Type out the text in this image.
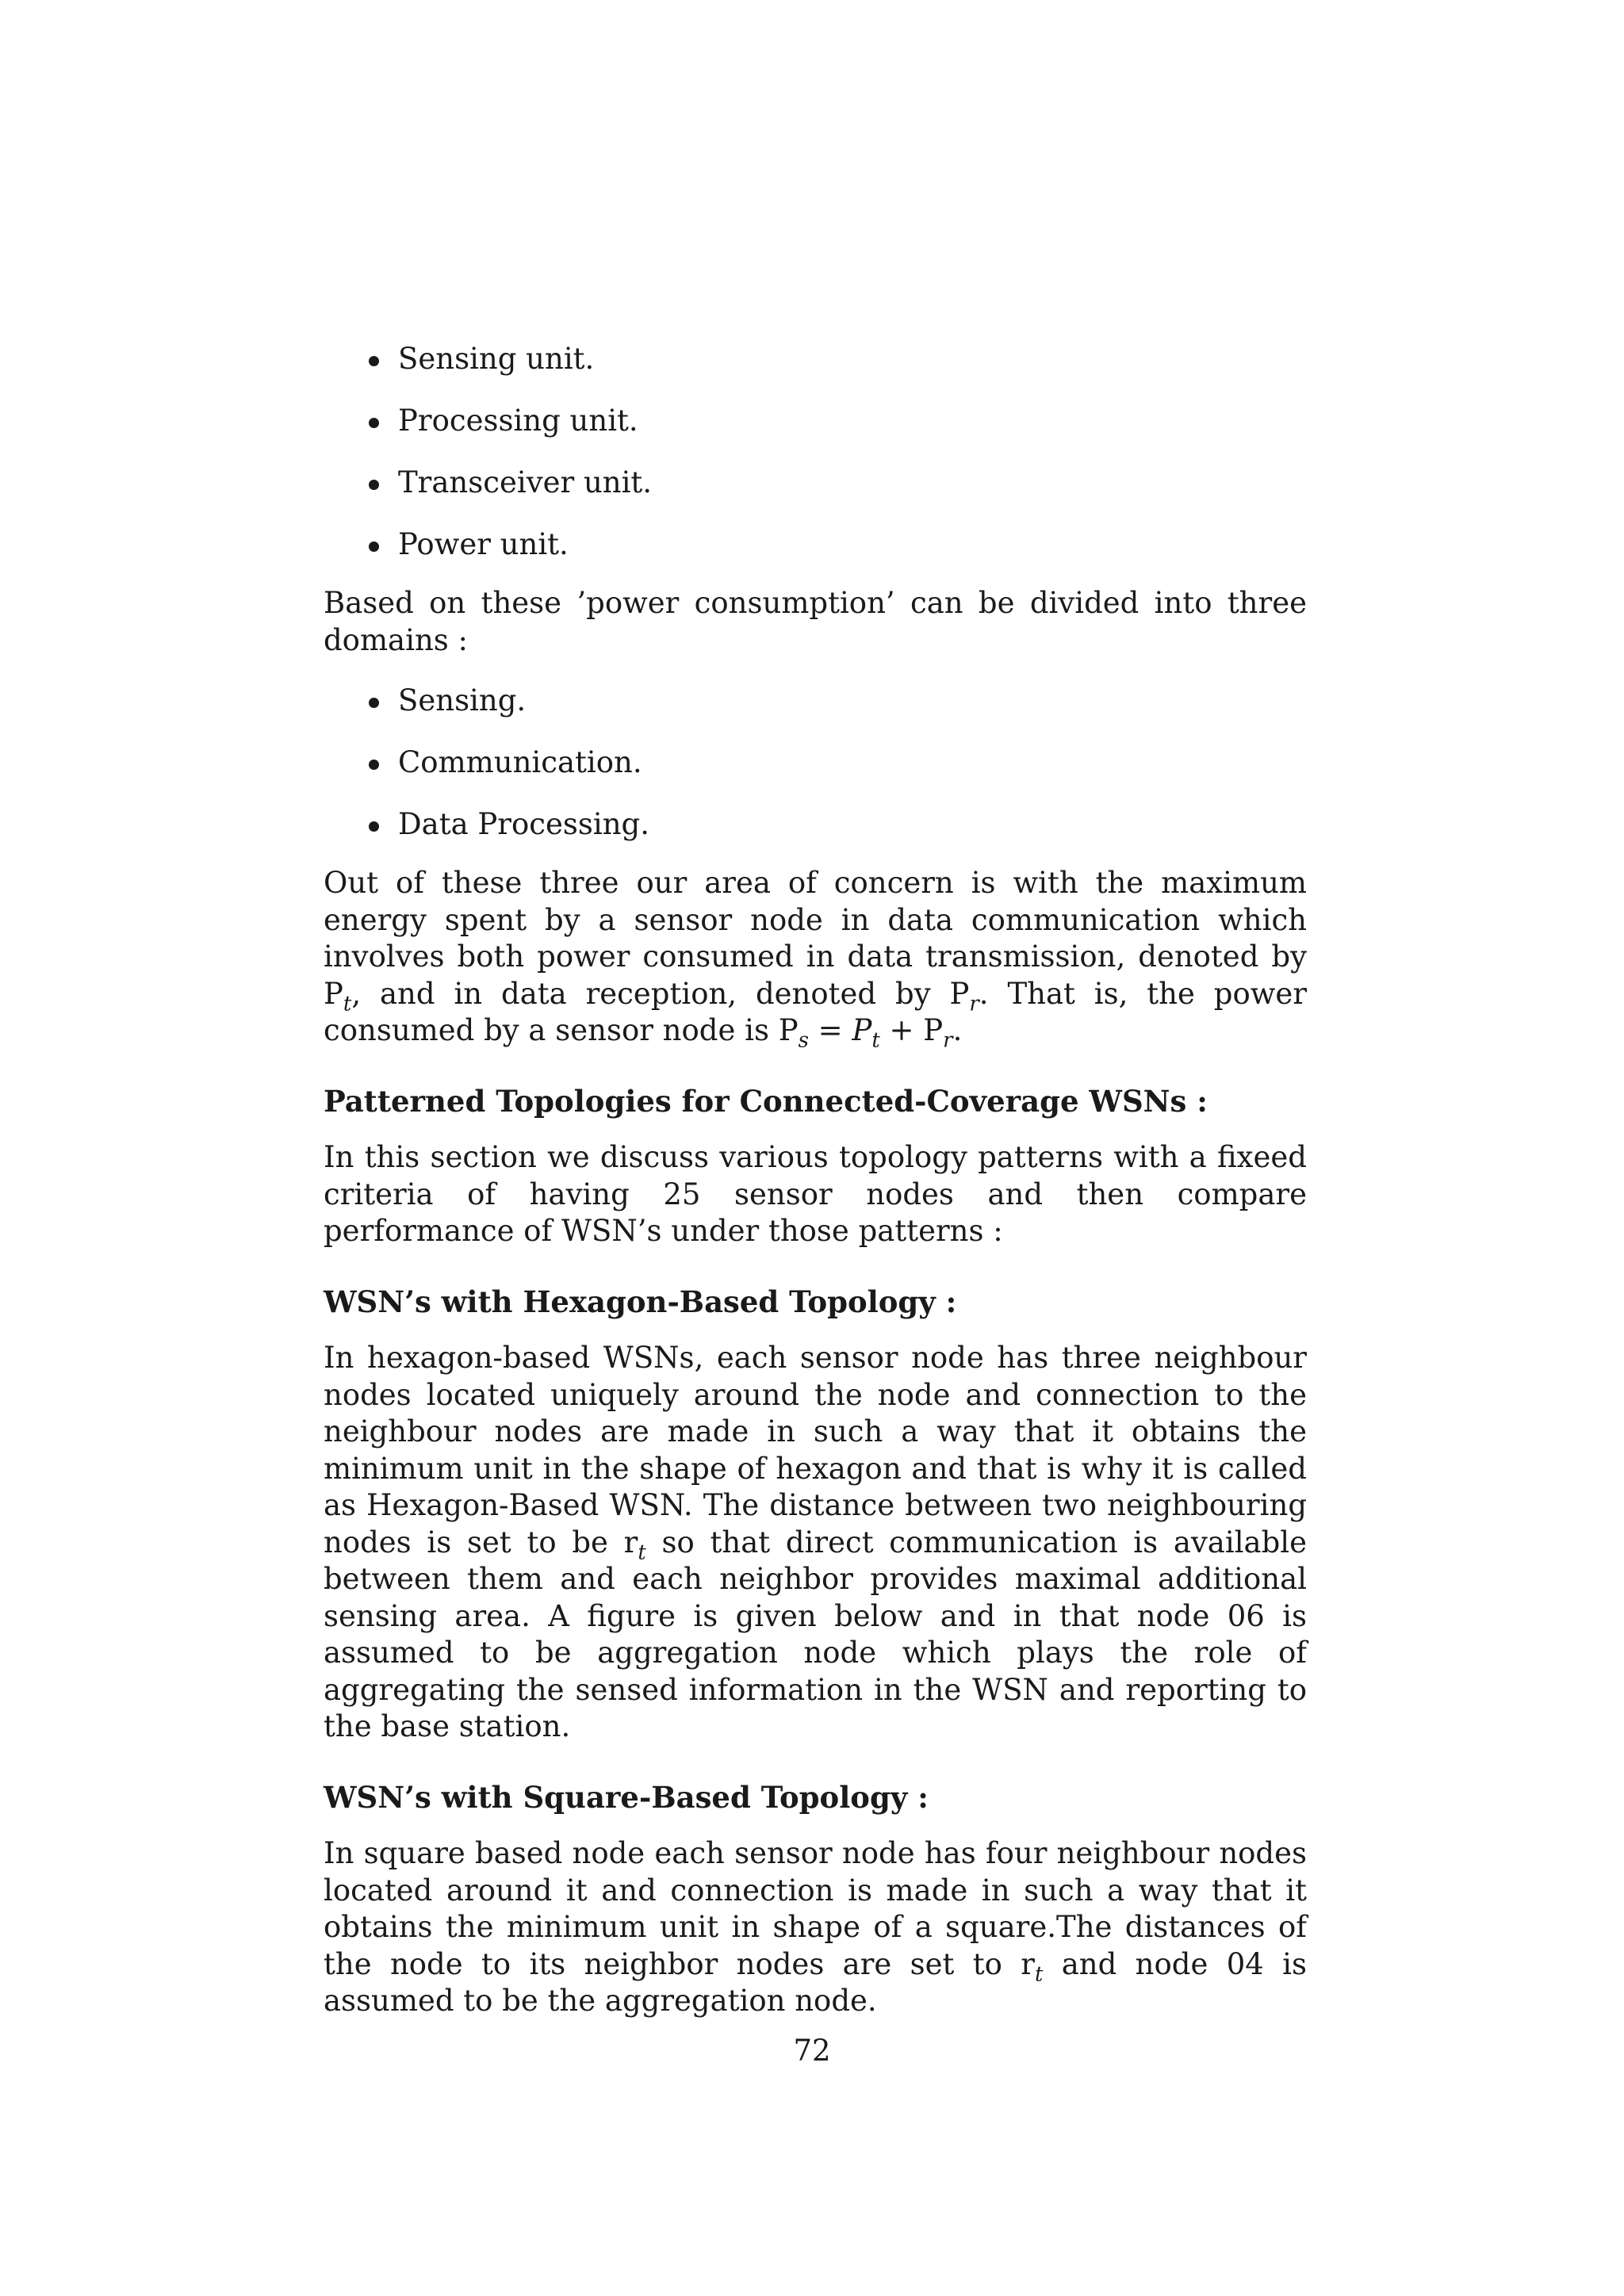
Sensing unit.
Processing unit.
Transceiver unit.
Power unit.

Based on these ’power consumption’ can be divided into three domains :

Sensing.
Communication.
Data Processing.

Out of these three our area of concern is with the maximum energy spent by a sensor node in data communication which involves both power consumed in data transmission, denoted by $P_t$, and in data reception, denoted by $P_r$. That is, the power consumed by a sensor node is $P_s = P_t + P_r$.

Patterned Topologies for Connected-Coverage WSNs :

In this section we discuss various topology patterns with a fixeed criteria of having 25 sensor nodes and then compare performance of WSN’s under those patterns :

WSN’s with Hexagon-Based Topology :

In hexagon-based WSNs, each sensor node has three neighbour nodes located uniquely around the node and connection to the neighbour nodes are made in such a way that it obtains the minimum unit in the shape of hexagon and that is why it is called as Hexagon-Based WSN. The distance between two neighbouring nodes is set to be $r_t$ so that direct communication is available between them and each neighbor provides maximal additional sensing area. A figure is given below and in that node 06 is assumed to be aggregation node which plays the role of aggregating the sensed information in the WSN and reporting to the base station.

WSN’s with Square-Based Topology :

In square based node each sensor node has four neighbour nodes located around it and connection is made in such a way that it obtains the minimum unit in shape of a square.The distances of the node to its neighbor nodes are set to $r_t$ and node 04 is assumed to be the aggregation node.

72
